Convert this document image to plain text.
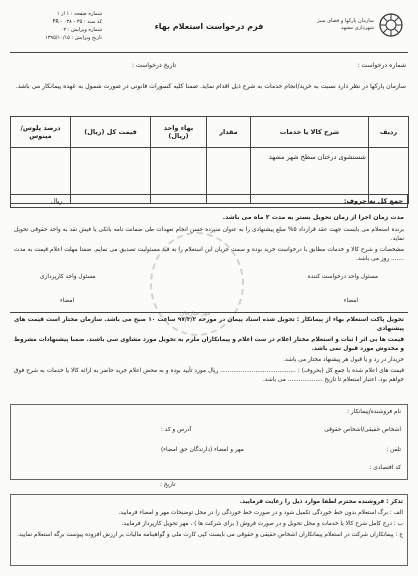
سازمان پارکها و فضای سبز
شهرداری مشهد
فرم درخواست استعلام بهاء
شماره صفحه : ۱ از ۱
کد سند : FR - ۰۳۸ - ۳۵
شماره ویرایش : ۰۲
تاریخ ویرایش : ۱۳۹۵/۱۰/۱۵
شماره درخواست :
تاریخ درخواست :

سازمان پارکها در نظر دارد نسبت به خرید/انجام خدمات به شرح ذیل اقدام نماید. ضمنا کلیه کسورات قانونی در صورت شمول به عهده پیمانکار می باشد.

ردیف	شرح کالا یا خدمات	مقدار	بهاء واحد (ریال)	قیمت کل (ریال)	درصد پلوس/مینوس
	شستشوی درختان سطح شهر مشهد				
جمع کل به حروف:
ریال
مدت زمان اجرا از زمان تحویل بستر به مدت ۲ ماه می باشد.

برنده استعلام می بایست جهت عقد قرارداد ۵% مبلغ پیشنهادی را به عنوان سپرده حسن انجام تعهدات طی ضمانت نامه بانکی یا فیش نقد به واحد حقوقی تحویل نماید.

مشخصات و شرح کالا و خدمات مطابق با درخواست خرید بوده و سمت جریان این استعلام را به قید مسئولیت تصدیق می نمایم. ضمنا مهلت اعلام قیمت به مدت ....... روز می باشد.

مهر سازمان
مسئول واحد درخواست کننده
مسئول واحد کارپردازی
امضاء
امضاء

تحویل پاکت استعلام بهاء از پیمانکار : تحویل شده اسناد پیمان در مورخه ۹۷/۳/۲ ساعت ۱۰ صبح می باشد. سازمان مختار است قیمت های پیشنهادی

قیمت ها بی اثر ا ثبات و استعلام مختار اعلام در ست اعلام و پیمانکاران ملزم به تحویل مورد مشاوی سی باشند. ضمنا پیشنهادات مشروط و مخدوش مورد قبول نمی باشد.

خریدار در رد و یا قبول هر پیشنهاد مختار می باشد.

قیمت های اعلام شده با جمع کل (بحروف) : ......................................... ریال مورد تأیید بوده و به محض اعلام خرید حاضر به ارائه کالا یا خدمات به شرح فوق خواهم بود. اعتبار استعلام تا تاریخ ................... می باشد.

نام فروشنده/پیمانکار :
اشخاص حقیقی/اشخاص حقوقی
آدرس و کد :
تلفن :
مهر و امضاء (دارندگان حق امضاء)
کد اقتصادی :
تاریخ :

تذکر : فروشنده محترم لطفا موارد ذیل را رعایت فرمایید.

الف : برگ استعلام بدون خط خوردگی تکمیل شود و در صورت خط خوردگی را در محل توضیحات مهر و امضاء فرمایید.

ب : درج کامل شرح کالا یا خدمات و محل تحویل و در صورت فروش ( برای شرکت ها ) ، مهر تحویل کارپرداز فرمایید.

ج : پیمانکاران شرکت در استعلام پیمانکاران اشخاص حقیقی و حقوقی می بایست کپی کارت ملی و گواهینامه مالیات بر ارزش افزوده پیوست برگه استعلام نمایید.
